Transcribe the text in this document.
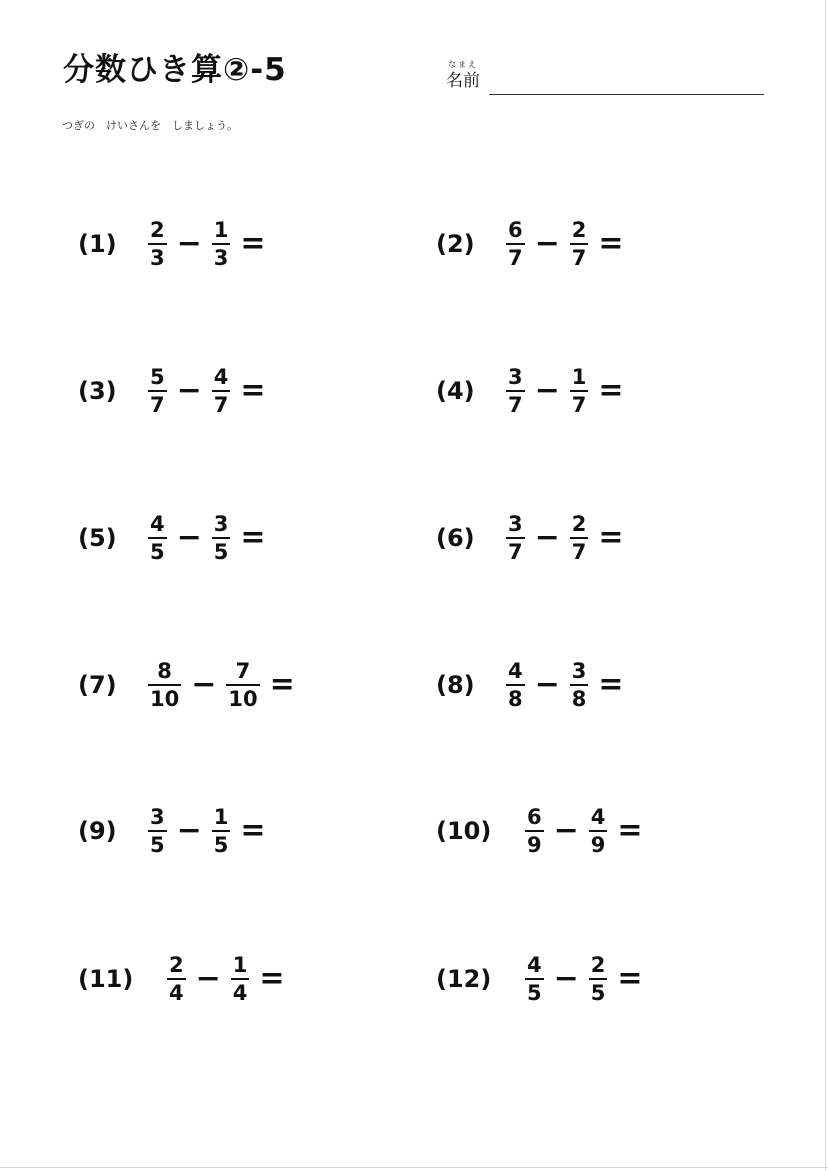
分数ひき算②-5	なまえ
名前
つぎの　けいさんを　しましょう。
(1)	$\frac{2}{3} - \frac{1}{3}$ =
(3)	$\frac{5}{7} - \frac{4}{7}$ =
(5)	$\frac{4}{5} - \frac{3}{5}$ =
(7)	$\frac{8}{10} - \frac{7}{10}$ =
(9)	$\frac{3}{5} - \frac{1}{5}$ =
(11)	$\frac{2}{4} - \frac{1}{4}$ =
(2)	$\frac{6}{7} - \frac{2}{7}$ =
(4)	$\frac{3}{7} - \frac{1}{7}$ =
(6)	$\frac{3}{7} - \frac{2}{7}$ =
(8)	$\frac{4}{8} - \frac{3}{8}$ =
(10)	$\frac{6}{9} - \frac{4}{9}$ =
(12)	$\frac{4}{5} - \frac{2}{5}$ =
